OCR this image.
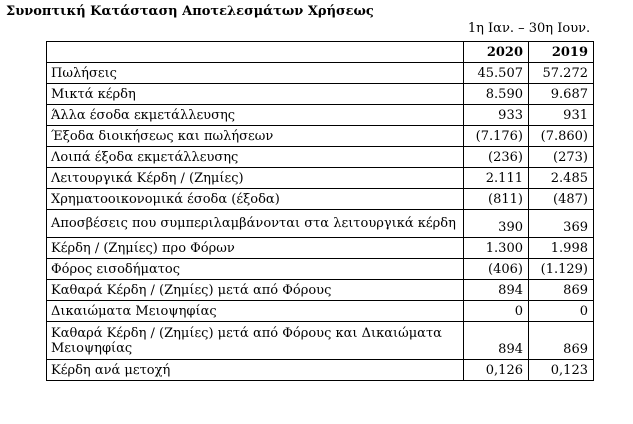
Συνοπτική Κατάσταση Αποτελεσμάτων Χρήσεως
1η Ιαν. – 30η Ιουν.
	2020	2019
Πωλήσεις	45.507	57.272
Μικτά κέρδη	8.590	9.687
Άλλα έσοδα εκμετάλλευσης	933	931
Έξοδα διοικήσεως και πωλήσεων	(7.176)	(7.860)
Λοιπά έξοδα εκμετάλλευσης	(236)	(273)
Λειτουργικά Κέρδη / (Ζημίες)	2.111	2.485
Χρηματοοικονομικά έσοδα (έξοδα)	(811)	(487)
Αποσβέσεις που συμπεριλαμβάνονται στα λειτουργικά κέρδη	390	369
Κέρδη / (Ζημίες) προ Φόρων	1.300	1.998
Φόρος εισοδήματος	(406)	(1.129)
Καθαρά Κέρδη / (Ζημίες) μετά από Φόρους	894	869
Δικαιώματα Μειοψηφίας	0	0
Καθαρά Κέρδη / (Ζημίες) μετά από Φόρους και Δικαιώματα Μειοψηφίας	894	869
Κέρδη ανά μετοχή	0,126	0,123
